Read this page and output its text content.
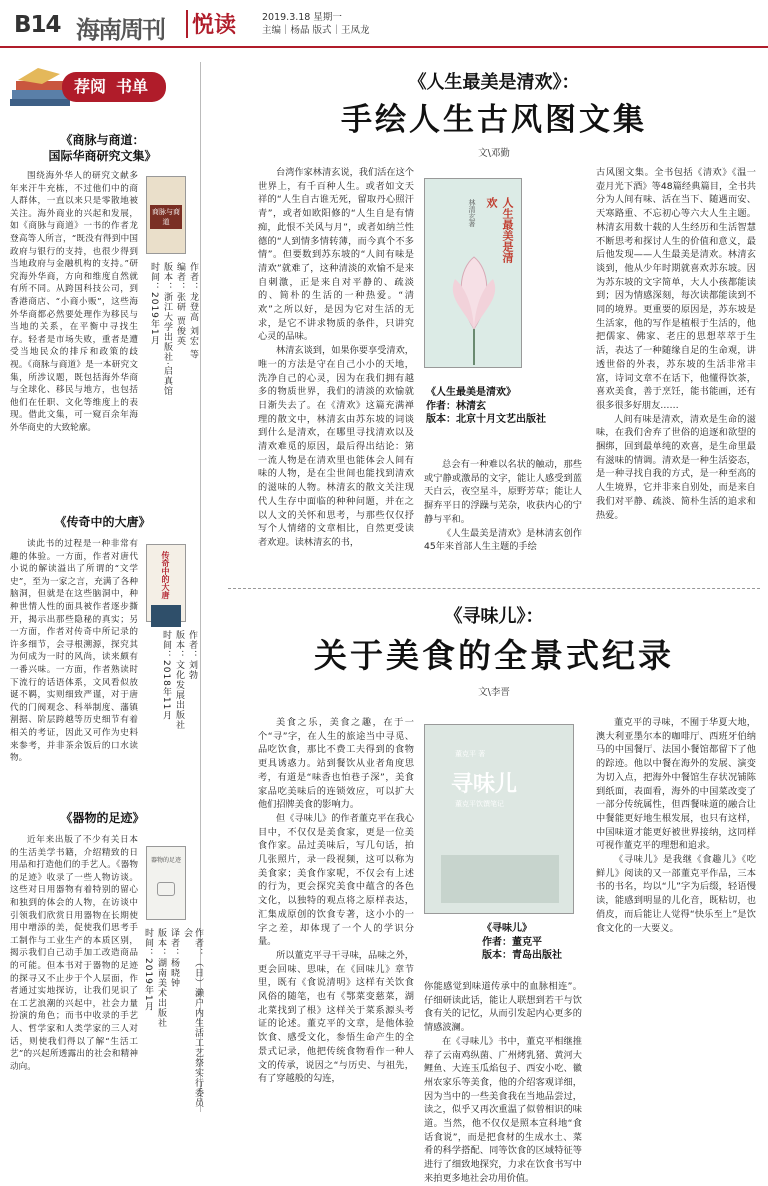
B14 海南周刊 悦读	2019.3.18 星期一
主编｜杨晶 版式｜王凤龙
荐阅 书单
《商脉与商道：
国际华商研究文集》
围绕海外华人的研究文献多年来汗牛充栋，不过他们中的商人群体，一直以来只是零散地被关注。海外商业的兴起和发展，如《商脉与商道》一书的作者龙登高等人所言，“既没有得到中国政府与银行的支持，也很少得到当地政府与金融机构的支持。”研究海外华商，方向和维度自然就有所不同。从跨国科技公司，到香港商店、“小商小贩”，这些海外华商都必然要处理作为移民与当地的关系，在平衡中寻找生存。轻者是市场失败，重者是遭受当地民众的排斥和政策的歧视。《商脉与商道》是一本研究文集，所涉议题，既包括海外华商与全球化、移民与地方，也包括他们在任职、文化等维度上的表现。借此文集，可一窥百余年海外华商史的大致轮廓。
商脉与商道
作者：龙登高 刘宏 等
编者：张研 贾俊英
版本：浙江大学出版社·启真馆
时间：2019年1月
《传奇中的大唐》
读此书的过程是一种非常有趣的体验。一方面，作者对唐代小说的解读溢出了所谓的“文学史”，至为一家之言，充满了各种脑洞，但就是在这些脑洞中，种种世情人性的面具被作者逐步撕开，揭示出那些隐秘的真实；另一方面，作者对传奇中所记录的许多细节，会寻根溯源，探究其为何成为一时的风尚，读来颇有一番兴味。一方面，作者熟读时下流行的话语体系，文风看似放诞不羁，实则细致严谨，对于唐代的门阀观念、科举制度、藩镇割据、阶层跨越等历史细节有着相关的考证，因此又可作为史料来参考，并非茶余饭后的口水读物。
传奇中的大唐
作者：刘勃
版本：文化发展出版社
时间：2018年11月
《器物的足迹》
近年来出版了不少有关日本的生活美学书籍，介绍精致的日用品和打造他们的手艺人。《器物的足迹》收录了一些人物访谈。这些对日用器物有着特别的留心和独到的体会的人物，在访谈中引领我们欣赏日用器物在长期使用中增添的美，促使我们思考手工制作与工业生产的本质区别，揭示我们自己动手加工改造商品的可能。但本书对于器物的足迹的探寻又不止步于个人层面，作者通过实地探访，让我们见识了在工艺浪潮的兴起中，社会力量扮演的角色；而书中收录的手艺人、哲学家和人类学家的三人对话，则使我们得以了解“生活工艺”的兴起所透露出的社会和精神动向。
器物的足迹
作者：（日）濑户内生活工艺祭实行委员会
译者：杨晓钟
版本：湖南美术出版社
时间：2019年1月
《人生最美是清欢》：
手绘人生古风图文集
文\邓勤

台湾作家林清玄说，我们活在这个世界上，有千百种人生。或者如文天祥的“人生自古谁无死，留取丹心照汗青”，或者如欧阳修的“人生自是有情痴，此恨不关风与月”，或者如纳兰性德的“人到情多情转薄，而今真个不多情”。但要数到苏东坡的“人间有味是清欢”就难了，这种清淡的欢愉不是来自刺激，正是来自对平静的、疏淡的、简朴的生活的一种热爱。“清欢”之所以好，是因为它对生活的无求，是它不讲求物质的条件，只讲究心灵的品味。

林清玄谈到，如果你要享受清欢，唯一的方法是守在自己小小的天地，洗净自己的心灵，因为在我们拥有越多的物质世界，我们的清淡的欢愉就日渐失去了。在《清欢》这篇充满禅理的散文中，林清玄由苏东坡的词谈到什么是清欢，在哪里寻找清欢以及清欢难觅的原因，最后得出结论：第一流人物是在清欢里也能体会人间有味的人物，是在尘世间也能找到清欢的滋味的人物。林清玄的散文关注现代人生存中面临的种种问题，并在之以人文的关怀和思考，与那些仅仅抒写个人情绪的文章相比，自然更受读者欢迎。读林清玄的书，

人生最美是清欢
林清玄著
《人生最美是清欢》
作者：林清玄
版本：北京十月文艺出版社

总会有一种难以名状的触动，那些或宁静或激昂的文字，能让人感受到蓝天白云，夜空星斗，原野芳草；能让人摒弃平日的浮躁与芜杂，收获内心的宁静与平和。

《人生最美是清欢》是林清玄创作45年来首部人生主题的手绘

古风图文集。全书包括《清欢》《温一壶月光下酒》等48篇经典篇目，全书共分为人间有味、活在当下、随遇而安、天寒路重、不忘初心等六大人生主题。林清玄用数十载的人生经历和生活智慧不断思考和探讨人生的价值和意义，最后他发现——人生最美是清欢。林清玄谈到，他从少年时期就喜欢苏东坡。因为苏东坡的文字简单，大人小孩都能读到；因为情感深刻，每次读都能读到不同的境界。更重要的原因是，苏东坡是生活家，他的写作是植根于生活的，他把儒家、佛家、老庄的思想萃萃于生活，表达了一种随缘自足的生命观，讲透世俗的外表，苏东坡的生活非常丰富，诗词文章不在话下，他懂得饮茶，喜欢美食，善于烹饪，能书能画，还有很多很多好朋友……

人间有味是清欢，清欢是生命的滋味，在我们舍弃了世俗的追逐和欲望的捆绑，回到最单纯的欢喜，是生命里最有滋味的情调。清欢是一种生活姿态，是一种寻找自我的方式，是一种至高的人生境界，它并非来自别处，而是来自我们对平静、疏淡、简朴生活的追求和热爱。

《寻味儿》：
关于美食的全景式纪录
文\李晋

美食之乐，美食之趣，在于一个“寻”字，在人生的旅途当中寻觅、品吃饮食，那比不费工夫得到的食物更具诱惑力。站到餐饮从业者角度思考，有道是“味香也怕巷子深”，美食家品吃美味后的连锁效应，可以扩大他们招牌美食的影响力。

但《寻味儿》的作者董克平在我心目中，不仅仅是美食家，更是一位美食作家。品过美味后，写几句话，拍几张照片，录一段视频，这可以称为美食家；美食作家呢，不仅会有上述的行为，更会探究美食中蕴含的各色文化，以独特的观点将之原样表达，汇集成原创的饮食专著，这小小的一字之差，却体现了一个人的学识分量。

所以董克平寻干寻味，品味之外，更会回味、思味，在《回味儿》章节里，既有《食说清明》这样有关饮食风俗的随笔，也有《鄂菜变慈菜，湖北菜找到了根》这样关于菜系源头考证的论述。董克平的文章，是他体验饮食、感受文化，参悟生命产生的全景式记录，他把传统食物看作一种人文的传承，说因之“与历史、与祖先，有了穿越般的勾连，

寻味儿
董克平饮馔笔记
董克平 著
《寻味儿》
作者：董克平
版本：青岛出版社

你能感觉到味道传承中的血脉相连”。仔细研读此话，能让人联想到若干与饮食有关的记忆，从而引发起内心更多的情感波澜。

在《寻味儿》书中，董克平相继推荐了云南鸡纵菌、广州烤乳猪、黄河大鲤鱼、大连玉瓜焰包子、西安小吃、徽州农家乐等美食，他的介绍客观详细，因为当中的一些美食我在当地品尝过，读之，似乎又再次重温了似曾相识的味道。当然，他不仅仅是照本宣科地“食话食说”，而是把食材的生成水土、菜肴的科学搭配、同等饮食的区域特征等进行了细致地探究，力求在饮食书写中来拍更多地社会功用价值。

董克平的寻味，不囿于华夏大地，澳大利亚墨尔本的咖啡厅、西班牙伯纳马的中国餐厅、法国小餐馆都留下了他的踪迹。他以中餐在海外的发展、演变为切入点，把海外中餐馆生存状况铺陈到纸面，表面看，海外的中国菜改变了一部分传统属性，但西餐味道的融合让中餐能更好地生根发展，也只有这样，中国味道才能更好被世界接纳，这同样可视作董克平的理想和追求。

《寻味儿》是我继《食趣儿》《吃鲜儿》阅读的又一部董克平作品，三本书的书名，均以“儿”字为后缀，轻语慢读，能感到明显的儿化音，既粘切，也俏皮，而后能让人觉得“快乐至上”是饮食文化的一大要义。
